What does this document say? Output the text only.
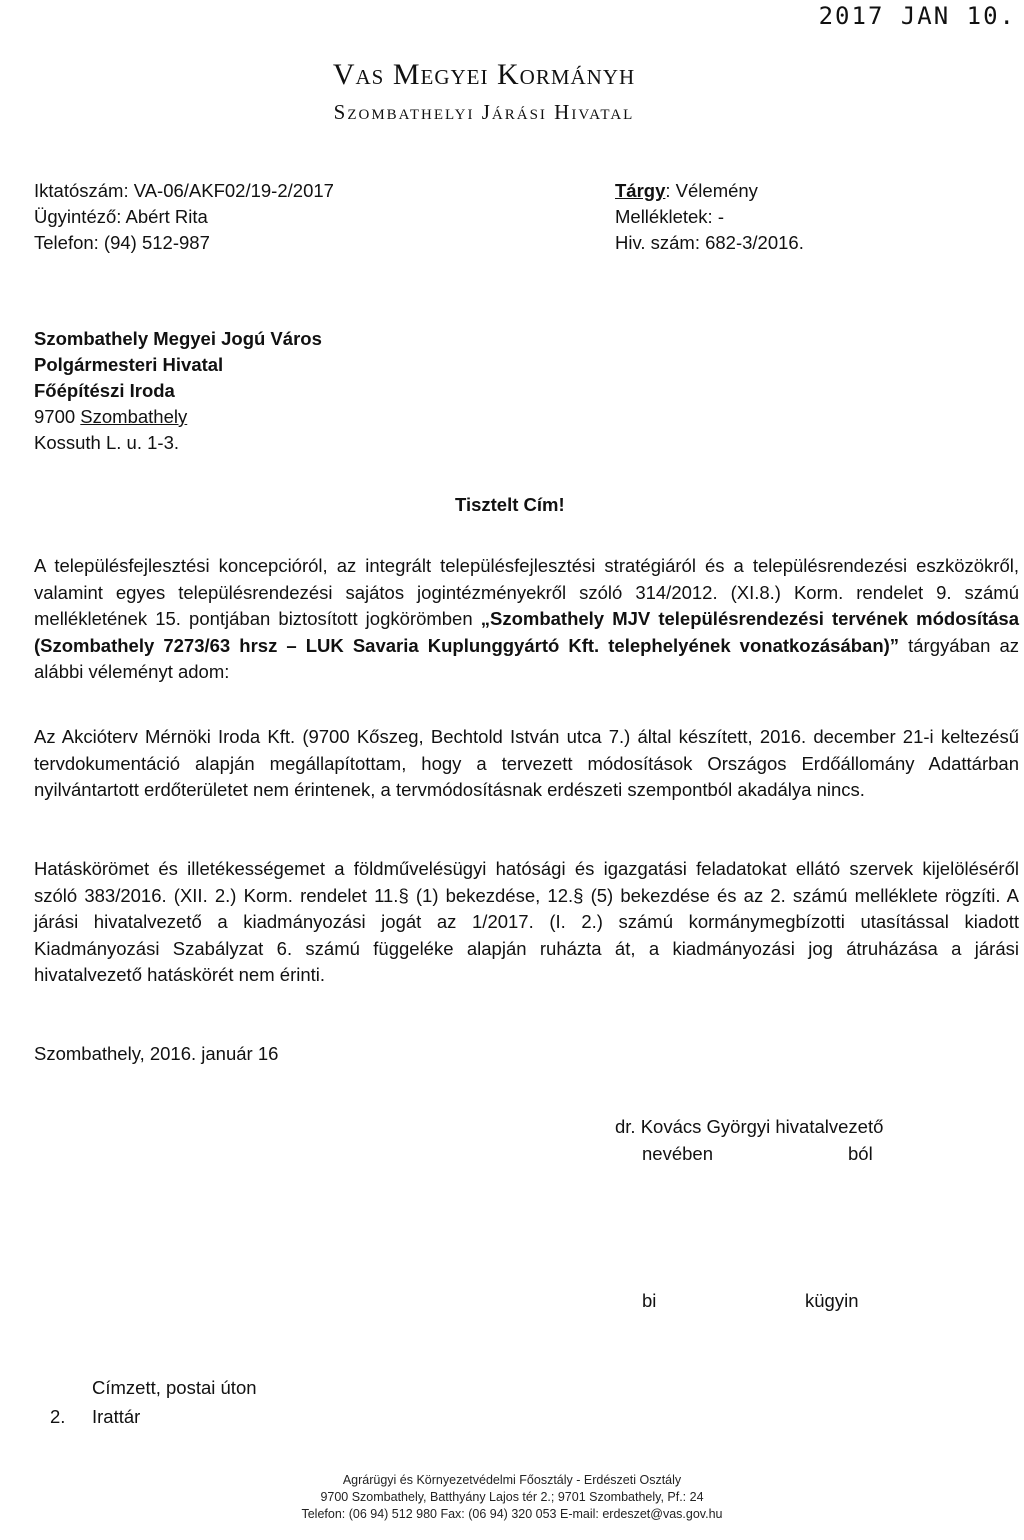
2017 JAN 10.
Vas Megyei Kormányh
Szombathelyi Járási Hivatal
Iktatószám: VA-06/AKF02/19-2/2017
Ügyintéző: Abért Rita
Telefon: (94) 512-987
Tárgy: Vélemény
Mellékletek: -
Hiv. szám: 682-3/2016.
Szombathely Megyei Jogú Város
Polgármesteri Hivatal
Főépítészi Iroda
9700 Szombathely
Kossuth L. u. 1-3.
Tisztelt Cím!
A településfejlesztési koncepcióról, az integrált településfejlesztési stratégiáról és a településrendezési eszközökről, valamint egyes településrendezési sajátos jogintézményekről szóló 314/2012. (XI.8.) Korm. rendelet 9. számú mellékletének 15. pontjában biztosított jogkörömben „Szombathely MJV településrendezési tervének módosítása (Szombathely 7273/63 hrsz – LUK Savaria Kuplunggyártó Kft. telephelyének vonatkozásában)” tárgyában az alábbi véleményt adom:
Az Akcióterv Mérnöki Iroda Kft. (9700 Kőszeg, Bechtold István utca 7.) által készített, 2016. december 21-i keltezésű tervdokumentáció alapján megállapítottam, hogy a tervezett módosítások Országos Erdőállomány Adattárban nyilvántartott erdőterületet nem érintenek, a tervmódosításnak erdészeti szempontból akadálya nincs.
Hatáskörömet és illetékességemet a földművelésügyi hatósági és igazgatási feladatokat ellátó szervek kijelöléséről szóló 383/2016. (XII. 2.) Korm. rendelet 11.§ (1) bekezdése, 12.§ (5) bekezdése és az 2. számú melléklete rögzíti. A járási hivatalvezető a kiadmányozási jogát az 1/2017. (I. 2.) számú kormánymegbízotti utasítással kiadott Kiadmányozási Szabályzat 6. számú függeléke alapján ruházta át, a kiadmányozási jog átruházása a járási hivatalvezető hatáskörét nem érinti.
Szombathely, 2016. január 16
dr. Kovács Györgyi hivatalvezető
nevében	ból
bi	kügyin
Címzett, postai úton
2. Irattár
Agrárügyi és Környezetvédelmi Főosztály - Erdészeti Osztály
9700 Szombathely, Batthyány Lajos tér 2.; 9701 Szombathely, Pf.: 24
Telefon: (06 94) 512 980 Fax: (06 94) 320 053 E-mail: erdeszet@vas.gov.hu
